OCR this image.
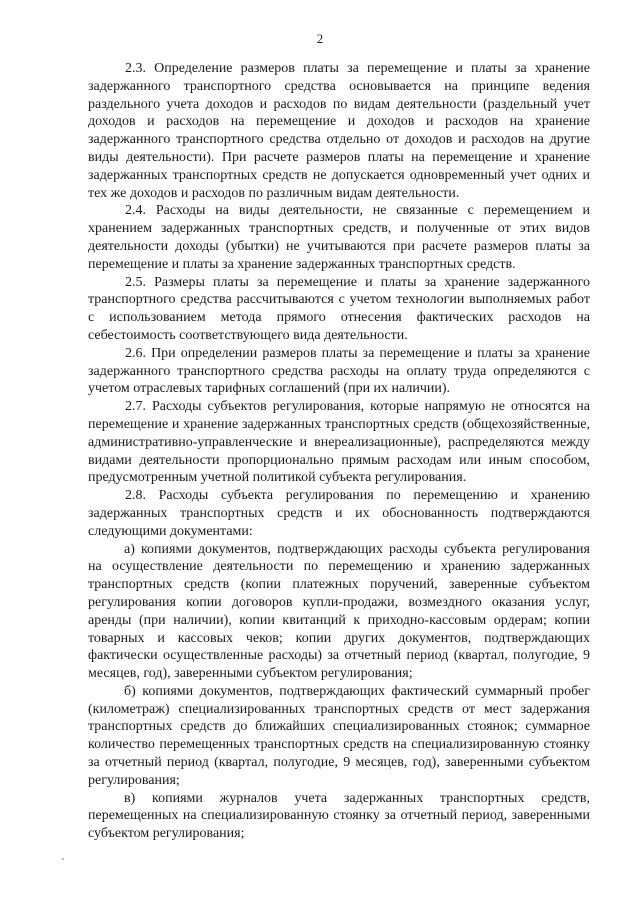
2

2.3. Определение размеров платы за перемещение и платы за хранение задержанного транспортного средства основывается на принципе ведения раздельного учета доходов и расходов по видам деятельности (раздельный учет доходов и расходов на перемещение и доходов и расходов на хранение задержанного транспортного средства отдельно от доходов и расходов на другие виды деятельности). При расчете размеров платы на перемещение и хранение задержанных транспортных средств не допускается одновременный учет одних и тех же доходов и расходов по различным видам деятельности.

2.4. Расходы на виды деятельности, не связанные с перемещением и хранением задержанных транспортных средств, и полученные от этих видов деятельности доходы (убытки) не учитываются при расчете размеров платы за перемещение и платы за хранение задержанных транспортных средств.

2.5. Размеры платы за перемещение и платы за хранение задержанного транспортного средства рассчитываются с учетом технологии выполняемых работ с использованием метода прямого отнесения фактических расходов на себестоимость соответствующего вида деятельности.

2.6. При определении размеров платы за перемещение и платы за хранение задержанного транспортного средства расходы на оплату труда определяются с учетом отраслевых тарифных соглашений (при их наличии).

2.7. Расходы субъектов регулирования, которые напрямую не относятся на перемещение и хранение задержанных транспортных средств (общехозяйственные, административно-управленческие и внереализационные), распределяются между видами деятельности пропорционально прямым расходам или иным способом, предусмотренным учетной политикой субъекта регулирования.

2.8. Расходы субъекта регулирования по перемещению и хранению задержанных транспортных средств и их обоснованность подтверждаются следующими документами:

а) копиями документов, подтверждающих расходы субъекта регулирования на осуществление деятельности по перемещению и хранению задержанных транспортных средств (копии платежных поручений, заверенные субъектом регулирования копии договоров купли-продажи, возмездного оказания услуг, аренды (при наличии), копии квитанций к приходно-кассовым ордерам; копии товарных и кассовых чеков; копии других документов, подтверждающих фактически осуществленные расходы) за отчетный период (квартал, полугодие, 9 месяцев, год), заверенными субъектом регулирования;

б) копиями документов, подтверждающих фактический суммарный пробег (километраж) специализированных транспортных средств от мест задержания транспортных средств до ближайших специализированных стоянок; суммарное количество перемещенных транспортных средств на специализированную стоянку за отчетный период (квартал, полугодие, 9 месяцев, год), заверенными субъектом регулирования;

в) копиями журналов учета задержанных транспортных средств, перемещенных на специализированную стоянку за отчетный период, заверенными субъектом регулирования;
